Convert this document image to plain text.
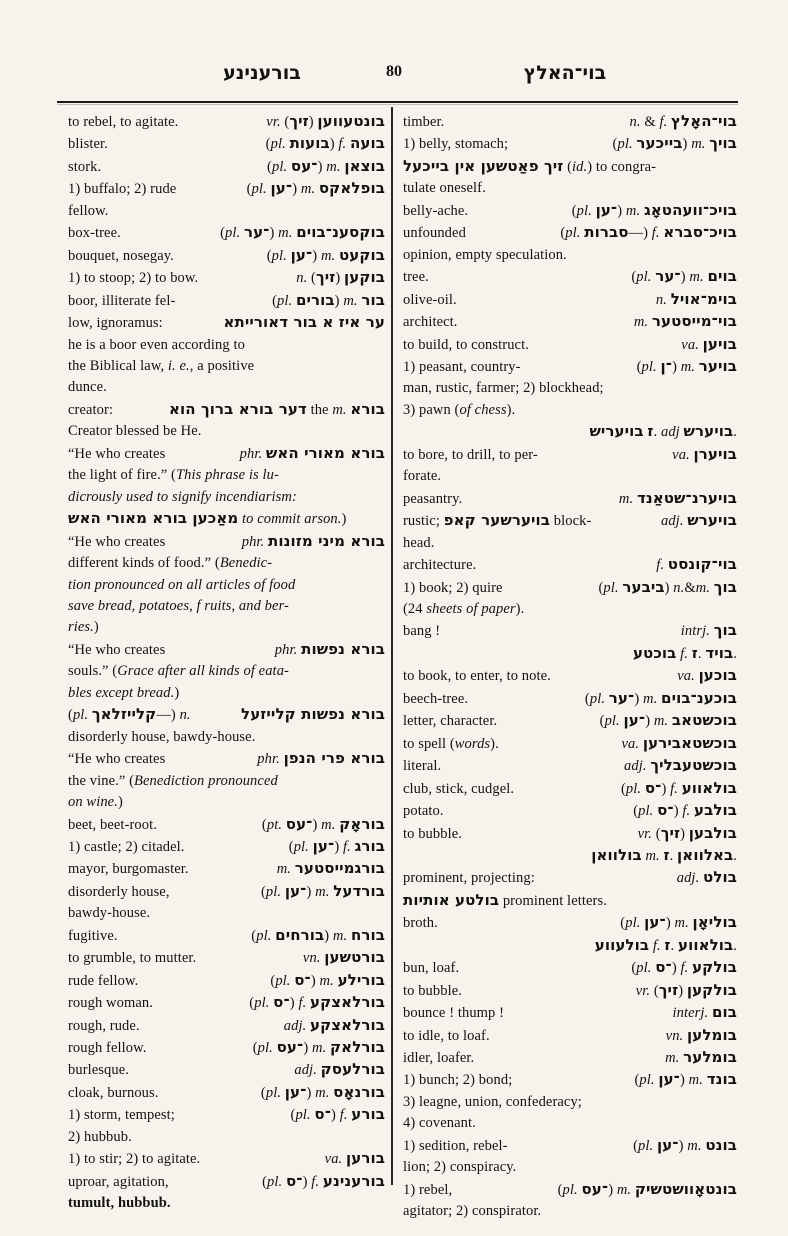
בורענינע	80	בוי־האלץ
to rebel, to agitate.	vr. (זיך‎) בונטעווען
blister.	(pl. בועות) f. בועה
stork.	(pl. ־עס) m. בוצאן
1) buffalo; 2) rude	(pl. ־ען) m. בופלאקס
fellow.
box-tree.	(pl. ־ער) m. בוקסענ־בוים
bouquet, nosegay.	(pl. ־ען) m. בוקעט
1) to stoop; 2) to bow.	n. (זיך‎) בוקען
boor, illiterate fel-	(pl. בורים) m. בור
low, ignoramus:	ער איז א בור דאורייתא
he is a boor even according to
the Biblical law, i. e., a positive
dunce.
creator:	דער בורא ברוך הוא the m. בורא
Creator blessed be He.
“He who creates	phr. בורא מאורי האש
the light of fire.” (This phrase is lu-
dicrously used to signify incendiarism:
מאַכען בורא מאורי האש to commit arson.)
“He who creates	phr. בורא מיני מזונות
different kinds of food.” (Benedic-
tion pronounced on all articles of food
save bread, potatoes, f ruits, and ber-
ries.)
“He who creates	phr. בורא נפשות
souls.” (Grace after all kinds of eata-
bles except bread.)
(pl. קלייזלאך—) n.	בורא נפשות קלייזעל
disorderly house, bawdy-house.
“He who creates	phr. בורא פרי הנפן
the vine.” (Benediction pronounced
on wine.)
beet, beet-root.	(pt. ־עס) m. בוראָק
1) castle; 2) citadel.	(pl. ־ען) f. בורג
mayor, burgomaster.	m. בורגמייסטער
disorderly house,	(pl. ־ען) m. בורדעל
bawdy-house.
fugitive.	(pl. בורחים) m. בורח
to grumble, to mutter.	vn. בורטשען
rude fellow.	(pl. ־ס) m. בורילע
rough woman.	(pl. ־ס) f. בורלאצקע
rough, rude.	adj. בורלאצקע
rough fellow.	(pl. ־עס) m. בורלאק
burlesque.	adj. בורלעסק
cloak, burnous.	(pl. ־ען) m. בורנאָס
1) storm, tempest;	(pl. ־ס) f. בורע
2) hubbub.
1) to stir; 2) to agitate.	va. בורען
uproar, agitation,	(pl. ־ס) f. בורענינע
tumult, hubbub.
timber.	n. & f. בוי־האָלץ
1) belly, stomach;	(pl. בייכער) m. בויך
זיך פאַטשען אין בייכעל (id.) to congra-
tulate oneself.
belly-ache.	(pl. ־ען) m. בויכ־וועהטאָג
unfounded	(pl. סברות—) f. בויכ־סברא
opinion, empty speculation.
tree.	(pl. ־ער) m. בוים
olive-oil.	n. בוימ־אויל
architect.	m. בוי־מייסטער
to build, to construct.	va. בויען
1) peasant, country-	(pl. ־ן) m. בויער
man, rustic, farmer; 2) blockhead;
3) pawn (of chess).
בויעריש‎ ז.‎ adj בויערש.
to bore, to drill, to per-	va. בויערן
forate.
peasantry.	m. בויערנ־שטאַנד
rustic; בויערשער קאפ block-	adj. בויערש
head.
architecture.	f. בוי־קונסט
1) book; 2) quire	(pl. ביבער) n.&m. בוך
(24 sheets of paper).
bang !	intrj. בוך
בוכטע‎ f. ז.‎ בויד.
to book, to enter, to note.	va. בוכען
beech-tree.	(pl. ־ער) m. בוכענ־בוים
letter, character.	(pl. ־ען) m. בוכשטאב
to spell (words).	va. בוכשטאבירען
literal.	adj. בוכשטעבליך
club, stick, cudgel.	(pl. ־ס) f. בולאווע
potato.	(pl. ־ס) f. בולבע
to bubble.	vr. (זיך‎) בולבען
בולוואן‎ m. ז.‎ באלוואן.
prominent, projecting:	adj. בולט
בולטע אותיות prominent letters.
broth.	(pl. ־ען) m. בוליאָן
בולעווע‎ f. ז.‎ בולאווע.
bun, loaf.	(pl. ־ס) f. בולקע
to bubble.	vr. (זיך‎) בולקען
bounce ! thump !	interj. בום
to idle, to loaf.	vn. בומלען
idler, loafer.	m. בומלער
1) bunch; 2) bond;	(pl. ־ען) m. בונד
3) leagne, union, confederacy;
4) covenant.
1) sedition, rebel-	(pl. ־ען) m. בונט
lion; 2) conspiracy.
1) rebel,	(pl. ־עס) m. בונטאָוושטשיק
agitator; 2) conspirator.
